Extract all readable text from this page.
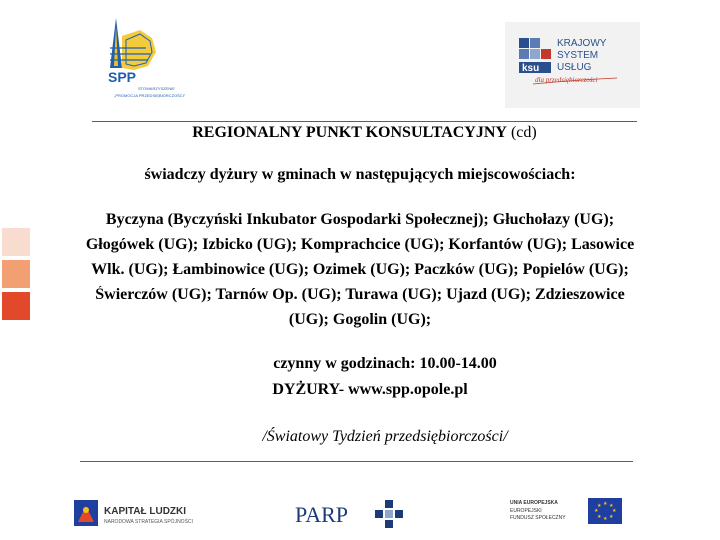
SPP
STOWARZYSZENIE
„PROMOCJA PRZEDSIĘBIORCZOŚCI”
ksu
KRAJOWY
SYSTEM
USŁUG
dla przedsiębiorczości
REGIONALNY PUNKT KONSULTACYJNY (cd)
świadczy dyżury w gminach w następujących miejscowościach:
Byczyna (Byczyński Inkubator Gospodarki Społecznej); Głuchołazy (UG);
Głogówek (UG); Izbicko (UG); Komprachcice (UG); Korfantów (UG); Lasowice
Wlk. (UG); Łambinowice (UG); Ozimek (UG); Paczków (UG); Popielów (UG);
Świerczów (UG); Tarnów Op. (UG); Turawa (UG); Ujazd (UG); Zdzieszowice
(UG); Gogolin (UG);
czynny w godzinach: 10.00-14.00
DYŻURY- www.spp.opole.pl
/Światowy Tydzień przedsiębiorczości/
KAPITAŁ LUDZKI
NARODOWA STRATEGIA SPÓJNOŚCI	PARP	UNIA EUROPEJSKA
EUROPEJSKI
FUNDUSZ SPOŁECZNY
★ ★
★
★
★
★
★
★
